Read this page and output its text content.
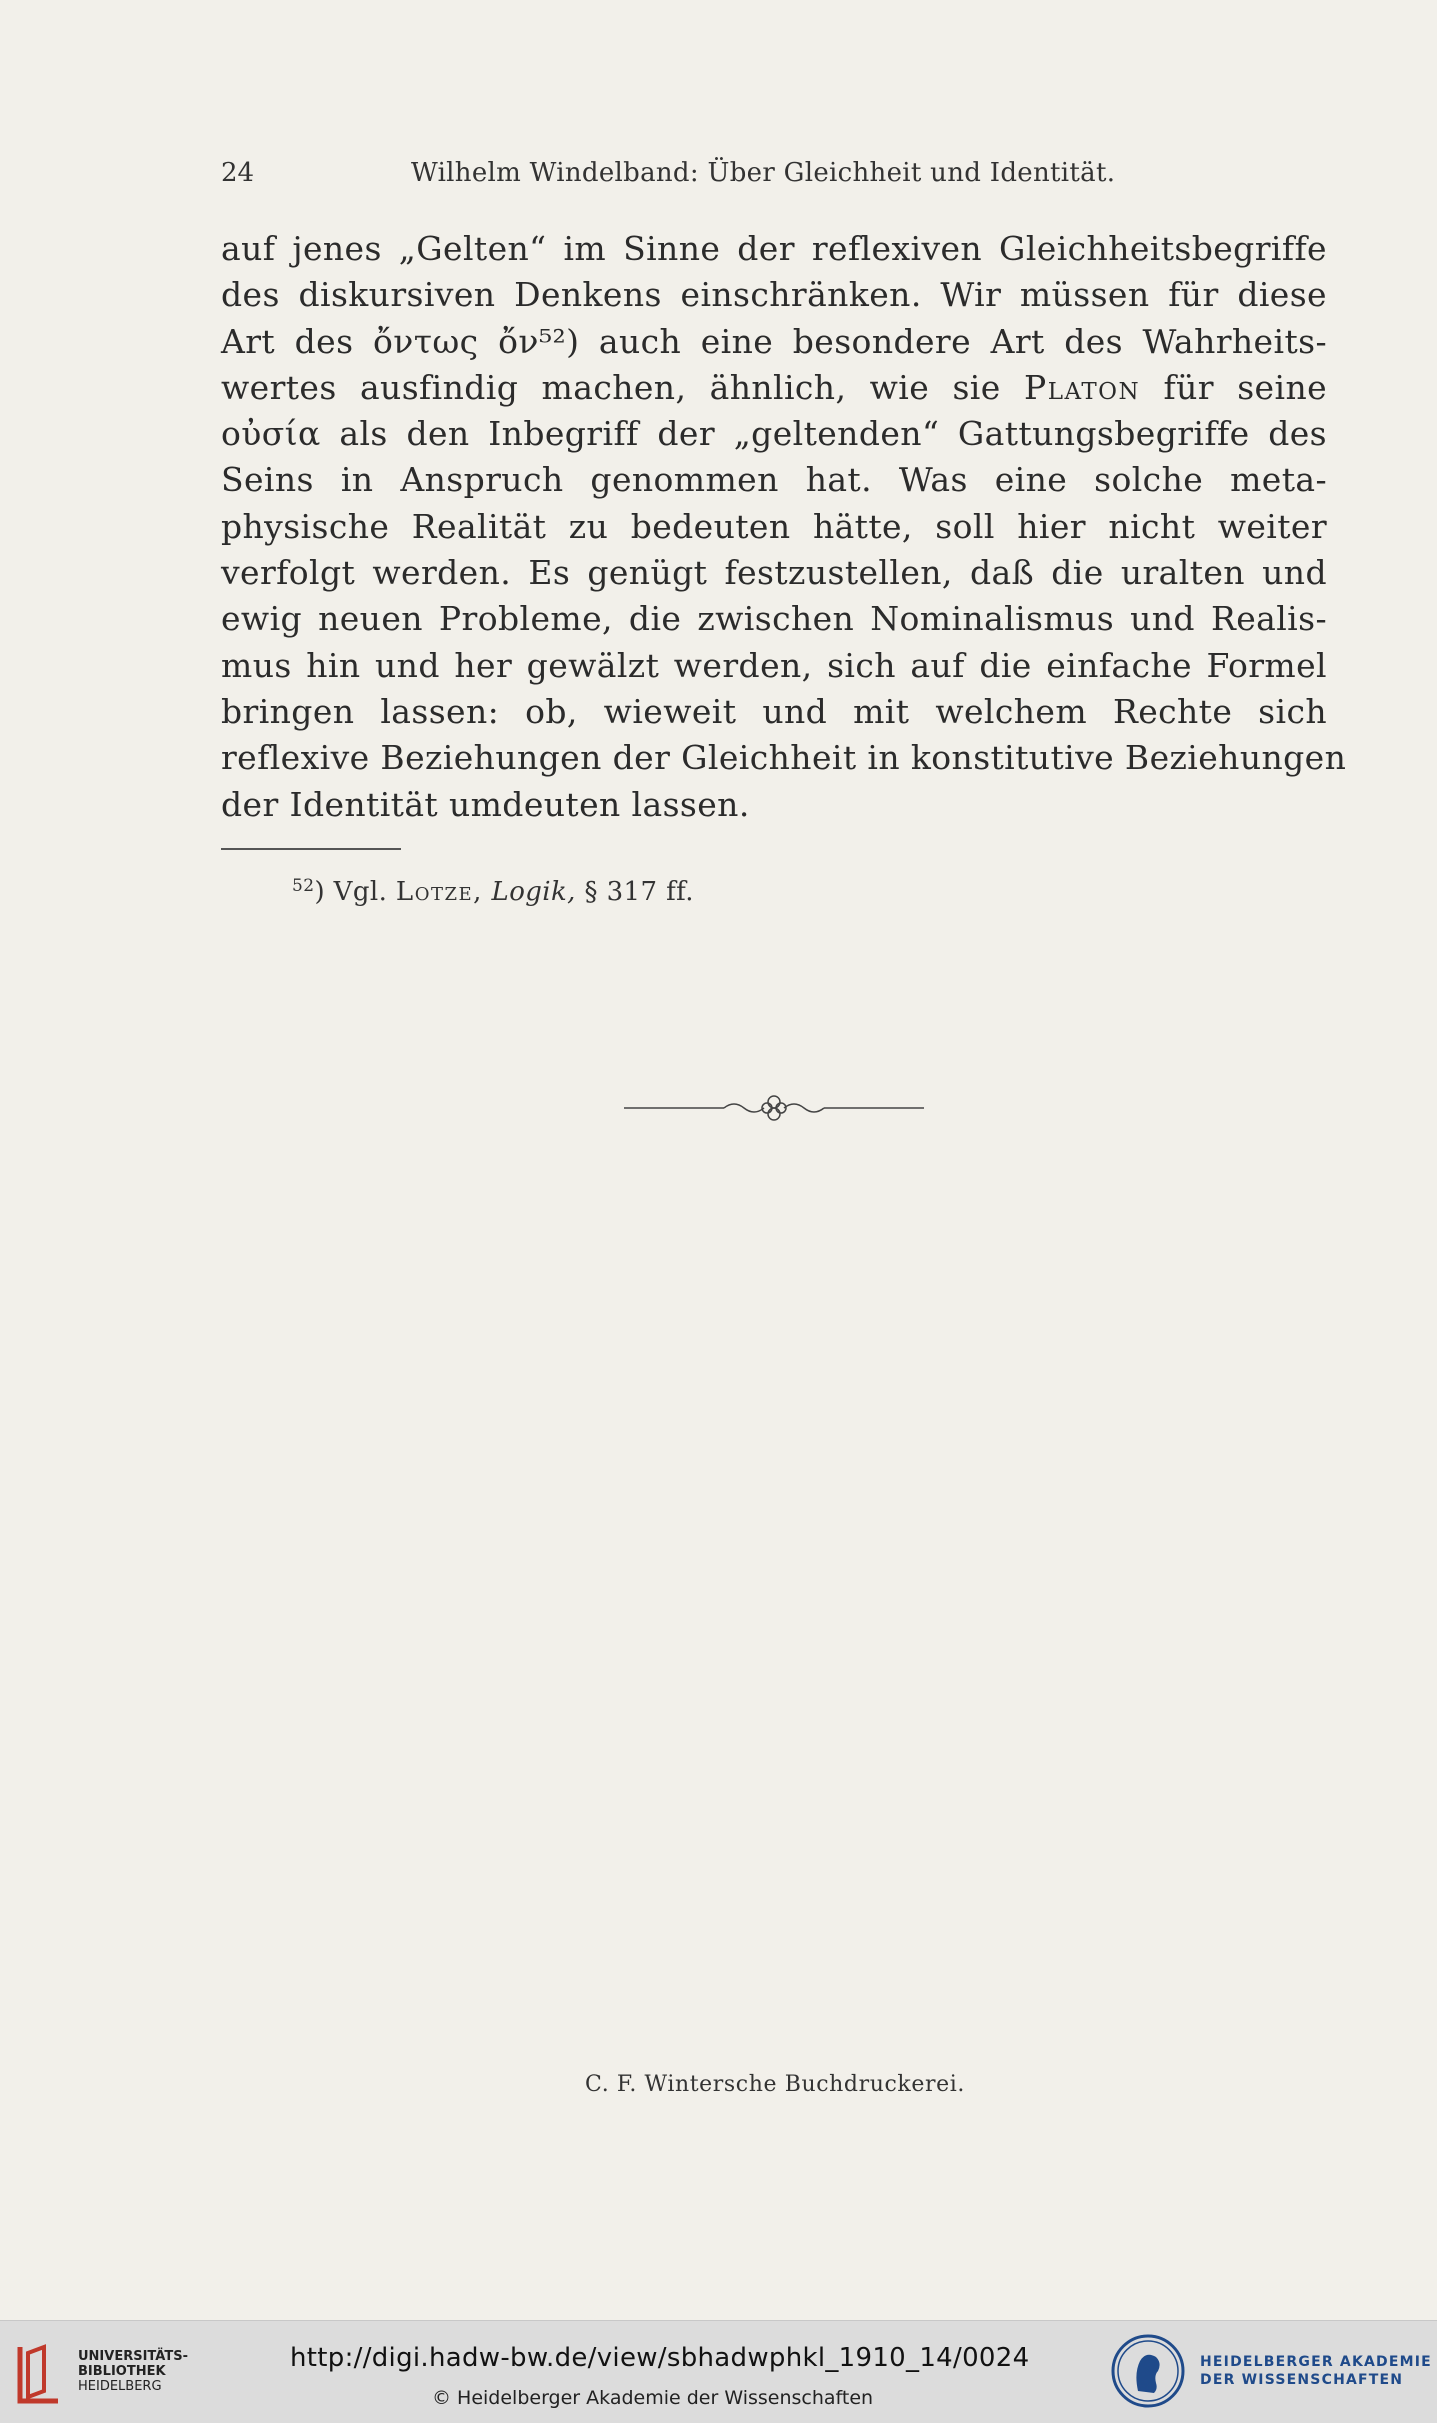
24	Wilhelm Windelband: Über Gleichheit und Identität.
auf jenes „Gelten“ im Sinne der reflexiven Gleichheitsbegriffe
des diskursiven Denkens einschränken. Wir müssen für diese
Art des ὄντως ὄν⁵²) auch eine besondere Art des Wahrheits-
wertes ausfindig machen, ähnlich, wie sie Platon für seine
οὐσία als den Inbegriff der „geltenden“ Gattungsbegriffe des
Seins in Anspruch genommen hat. Was eine solche meta-
physische Realität zu bedeuten hätte, soll hier nicht weiter
verfolgt werden. Es genügt festzustellen, daß die uralten und
ewig neuen Probleme, die zwischen Nominalismus und Realis-
mus hin und her gewälzt werden, sich auf die einfache Formel
bringen lassen: ob, wieweit und mit welchem Rechte sich
reflexive Beziehungen der Gleichheit in konstitutive Beziehungen
der Identität umdeuten lassen.
$^{52}$) Vgl. Lotze, Logik, § 317 ff.
C. F. Wintersche Buchdruckerei.
UNIVERSITÄTS-
BIBLIOTHEK
HEIDELBERG
http://digi.hadw-bw.de/view/sbhadwphkl_1910_14/0024
© Heidelberger Akademie der Wissenschaften
HEIDELBERGER AKADEMIE
DER WISSENSCHAFTEN
